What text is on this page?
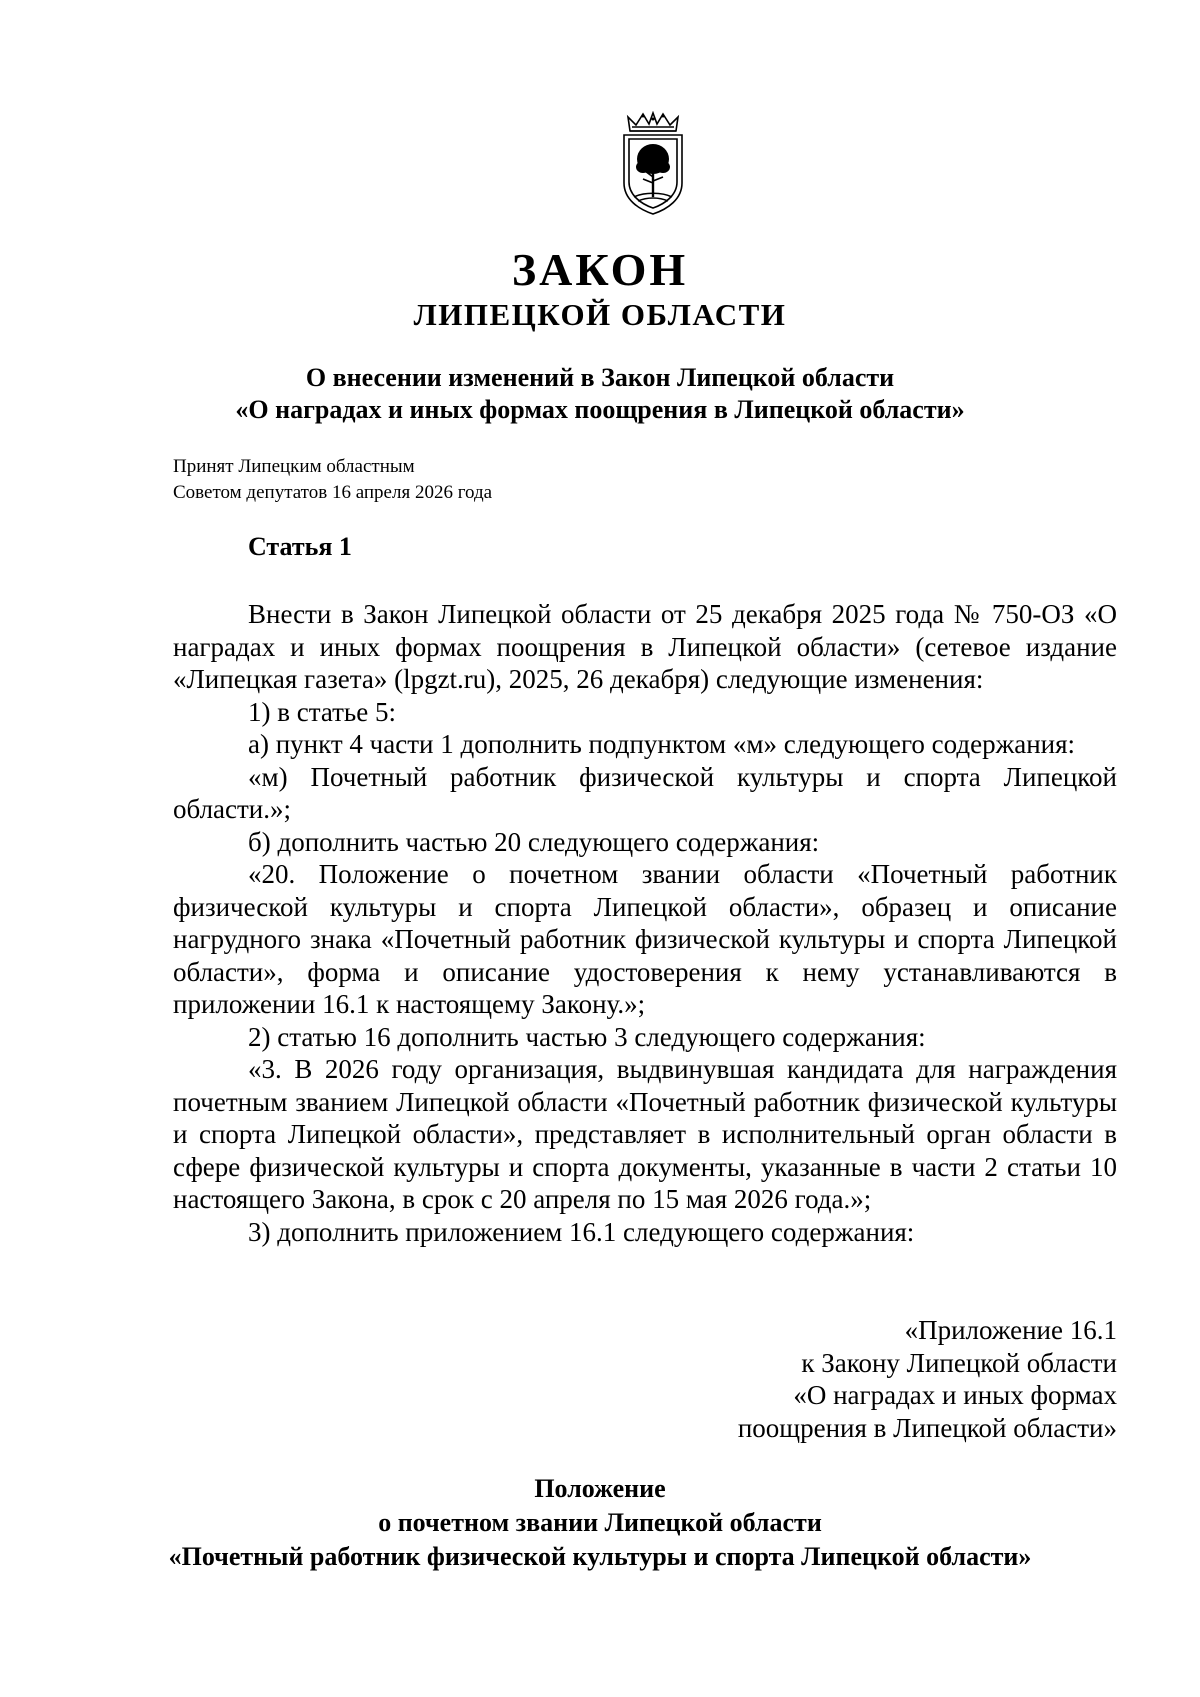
ЗАКОН
ЛИПЕЦКОЙ ОБЛАСТИ
О внесении изменений в Закон Липецкой области
«О наградах и иных формах поощрения в Липецкой области»
Принят Липецким областным
Советом депутатов 16 апреля 2026 года
Статья 1

Внести в Закон Липецкой области от 25 декабря 2025 года № 750-ОЗ «О наградах и иных формах поощрения в Липецкой области» (сетевое издание «Липецкая газета» (lpgzt.ru), 2025, 26 декабря) следующие изменения:

1) в статье 5:

а) пункт 4 части 1 дополнить подпунктом «м» следующего содержания:

«м) Почетный работник физической культуры и спорта Липецкой области.»;

б) дополнить частью 20 следующего содержания:

«20. Положение о почетном звании области «Почетный работник физической культуры и спорта Липецкой области», образец и описание нагрудного знака «Почетный работник физической культуры и спорта Липецкой области», форма и описание удостоверения к нему устанавливаются в приложении 16.1 к настоящему Закону.»;

2) статью 16 дополнить частью 3 следующего содержания:

«3. В 2026 году организация, выдвинувшая кандидата для награждения почетным званием Липецкой области «Почетный работник физической культуры и спорта Липецкой области», представляет в исполнительный орган области в сфере физической культуры и спорта документы, указанные в части 2 статьи 10 настоящего Закона, в срок с 20 апреля по 15 мая 2026 года.»;

3) дополнить приложением 16.1 следующего содержания:

«Приложение 16.1
к Закону Липецкой области
«О наградах и иных формах
поощрения в Липецкой области»
Положение
о почетном звании Липецкой области
«Почетный работник физической культуры и спорта Липецкой области»
